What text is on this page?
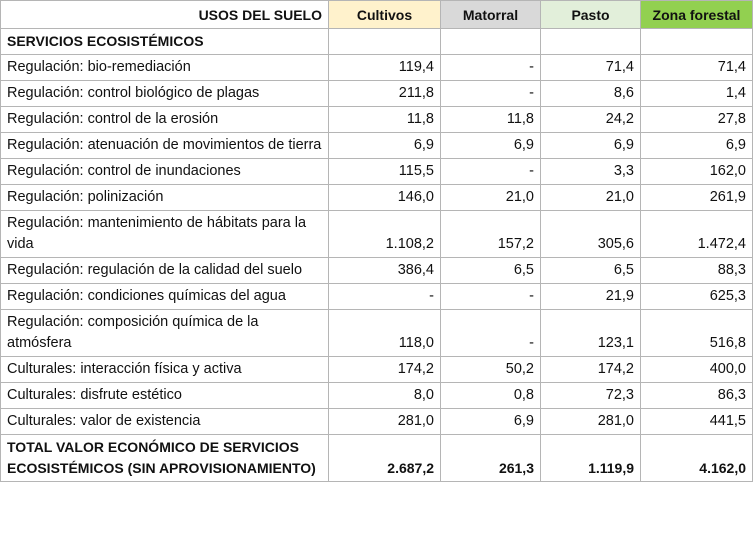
USOS DEL SUELO	Cultivos	Matorral	Pasto	Zona forestal
SERVICIOS ECOSISTÉMICOS				
Regulación: bio-remediación	119,4	-	71,4	71,4
Regulación: control biológico de plagas	211,8	-	8,6	1,4
Regulación: control de la erosión	11,8	11,8	24,2	27,8
Regulación: atenuación de movimientos de tierra	6,9	6,9	6,9	6,9
Regulación: control de inundaciones	115,5	-	3,3	162,0
Regulación: polinización	146,0	21,0	21,0	261,9
Regulación: mantenimiento de hábitats para la vida	1.108,2	157,2	305,6	1.472,4
Regulación: regulación de la calidad del suelo	386,4	6,5	6,5	88,3
Regulación: condiciones químicas del agua	-	-	21,9	625,3
Regulación: composición química de la atmósfera	118,0	-	123,1	516,8
Culturales: interacción física y activa	174,2	50,2	174,2	400,0
Culturales: disfrute estético	8,0	0,8	72,3	86,3
Culturales: valor de existencia	281,0	6,9	281,0	441,5
TOTAL VALOR ECONÓMICO DE SERVICIOS ECOSISTÉMICOS (SIN APROVISIONAMIENTO)	2.687,2	261,3	1.119,9	4.162,0
